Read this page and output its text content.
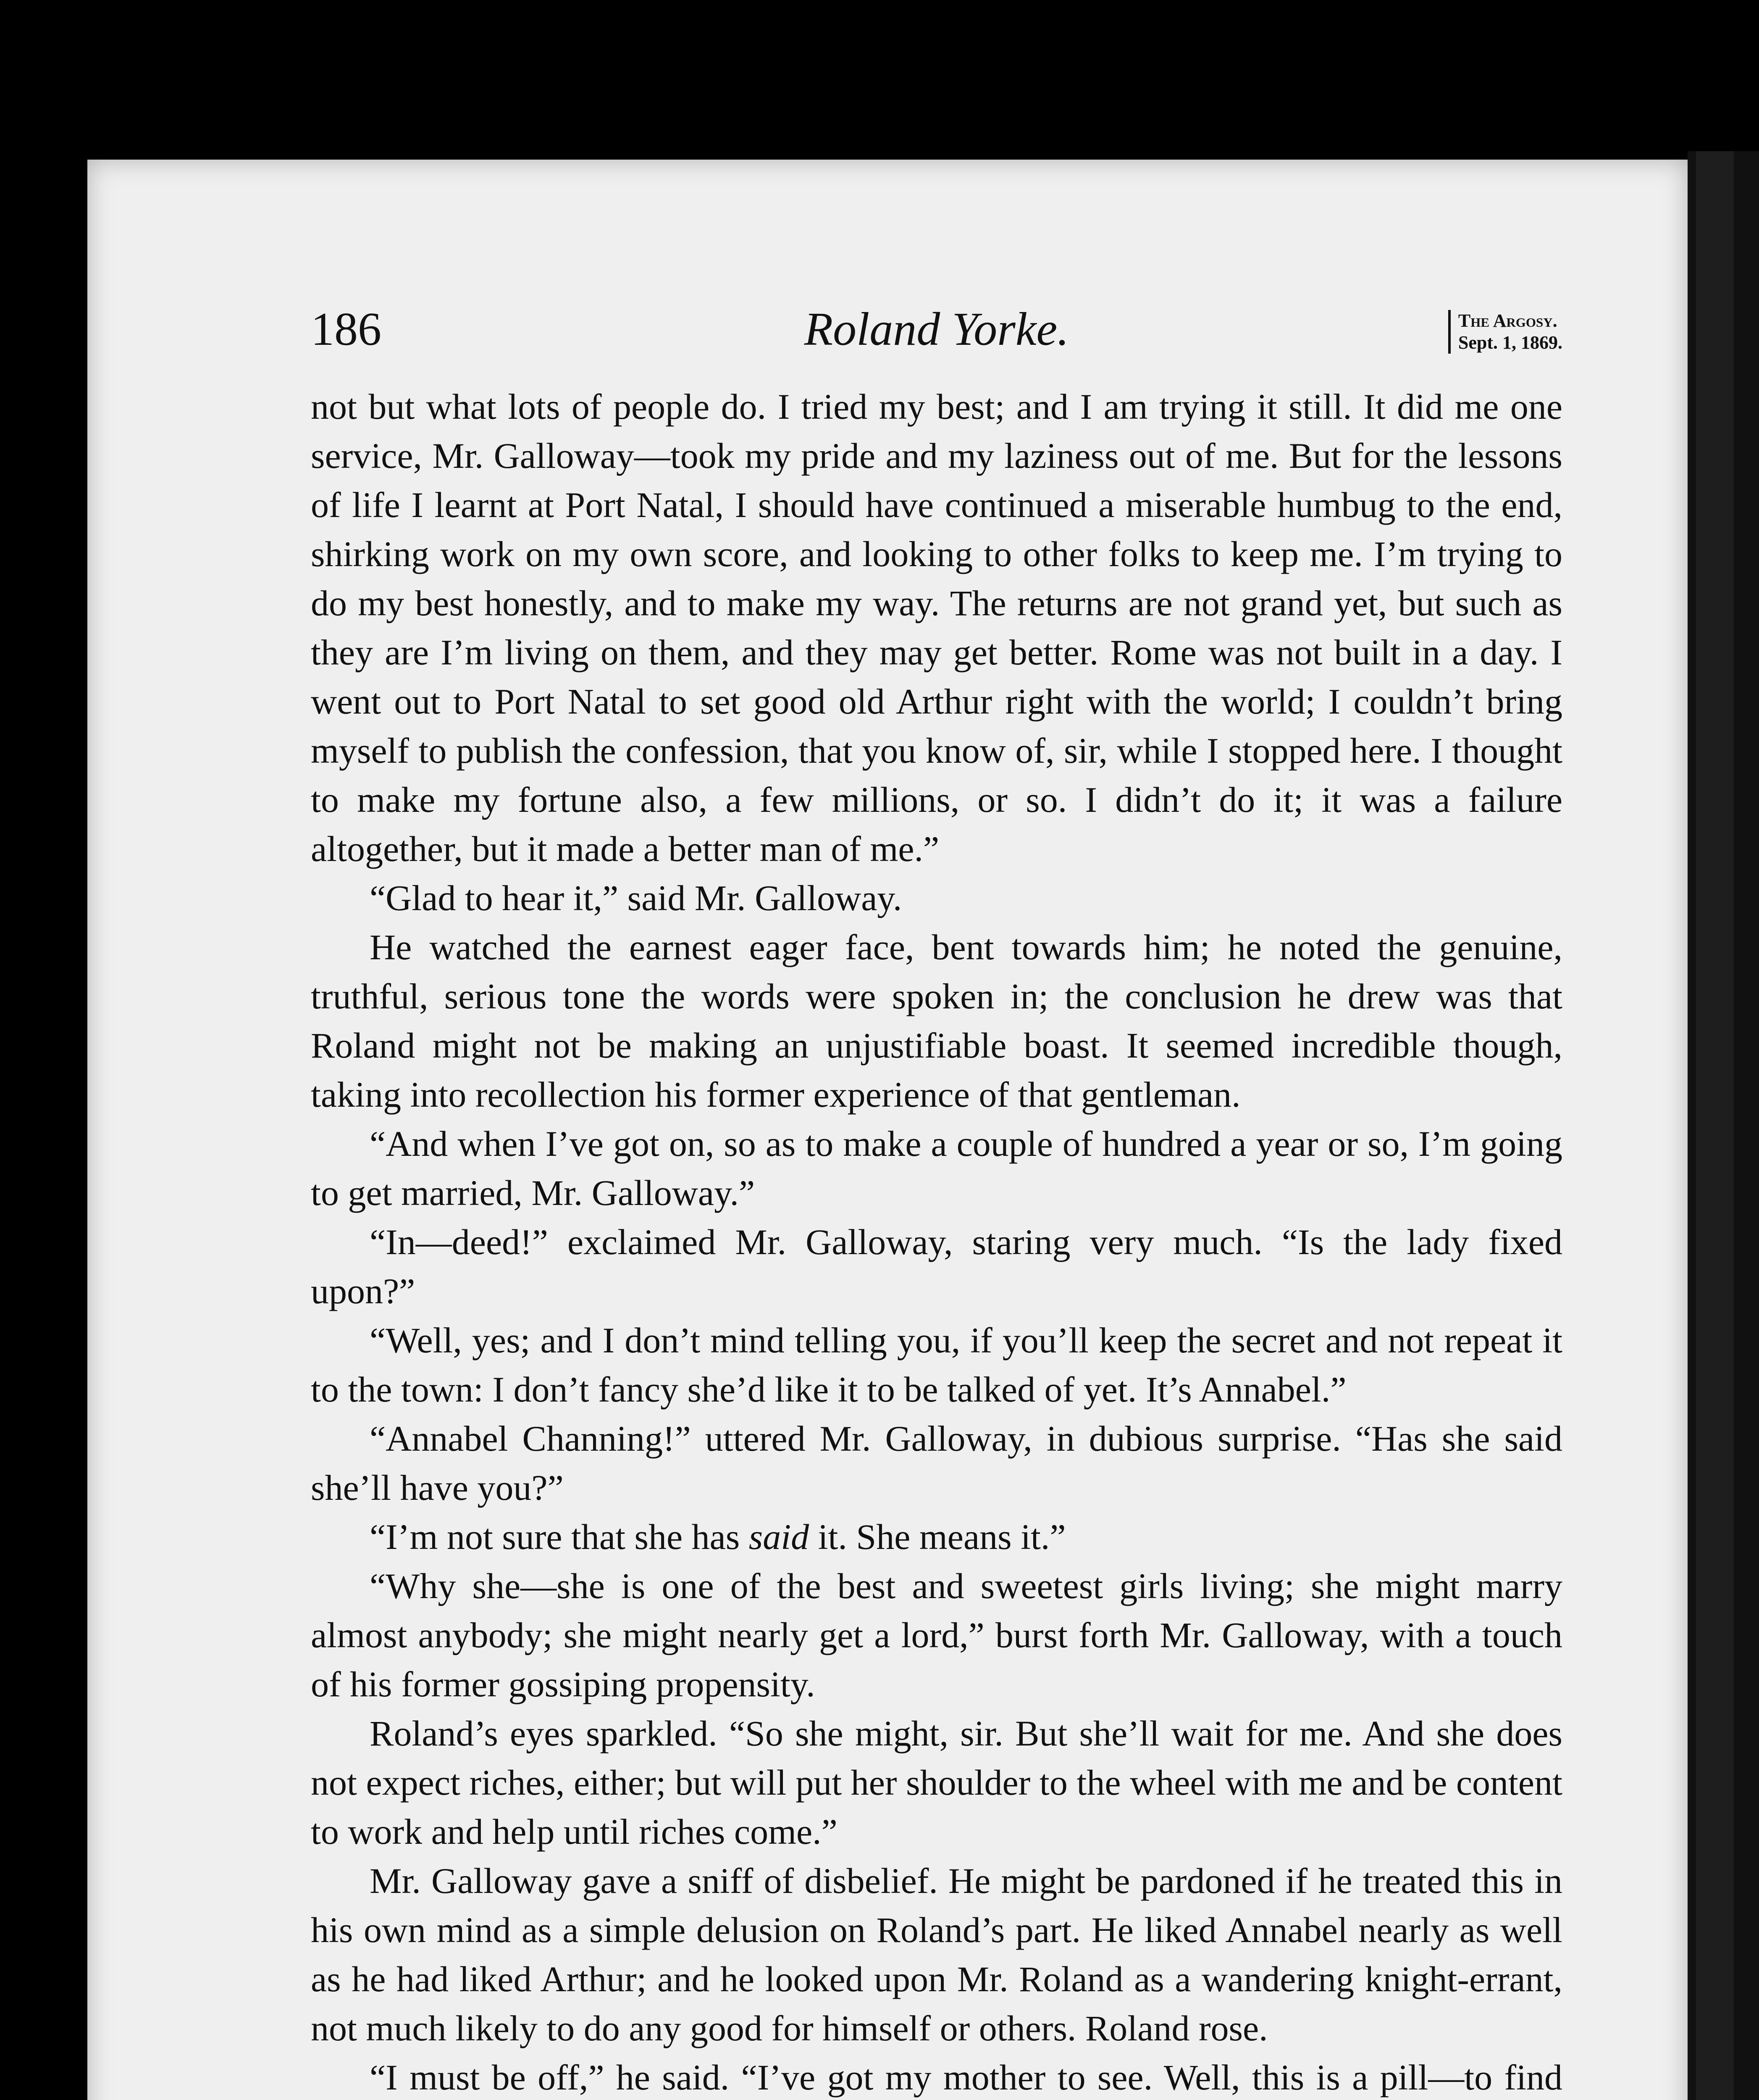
186	Roland Yorke.	The Argosy.
Sept. 1, 1869.

not but what lots of people do. I tried my best; and I am trying it still. It did me one service, Mr. Galloway—took my pride and my laziness out of me. But for the lessons of life I learnt at Port Natal, I should have continued a miserable humbug to the end, shirking work on my own score, and looking to other folks to keep me. I’m trying to do my best honestly, and to make my way. The returns are not grand yet, but such as they are I’m living on them, and they may get better. Rome was not built in a day. I went out to Port Natal to set good old Arthur right with the world; I couldn’t bring myself to publish the confession, that you know of, sir, while I stopped here. I thought to make my fortune also, a few millions, or so. I didn’t do it; it was a failure altogether, but it made a better man of me.”

“Glad to hear it,” said Mr. Galloway.

He watched the earnest eager face, bent towards him; he noted the genuine, truthful, serious tone the words were spoken in; the conclusion he drew was that Roland might not be making an unjustifiable boast. It seemed incredible though, taking into recollection his former experience of that gentleman.

“And when I’ve got on, so as to make a couple of hundred a year or so, I’m going to get married, Mr. Galloway.”

“In—deed!” exclaimed Mr. Galloway, staring very much. “Is the lady fixed upon?”

“Well, yes; and I don’t mind telling you, if you’ll keep the secret and not repeat it to the town: I don’t fancy she’d like it to be talked of yet. It’s Annabel.”

“Annabel Channing!” uttered Mr. Galloway, in dubious surprise. “Has she said she’ll have you?”

“I’m not sure that she has said it. She means it.”

“Why she—she is one of the best and sweetest girls living; she might marry almost anybody; she might nearly get a lord,” burst forth Mr. Galloway, with a touch of his former gossiping propensity.

Roland’s eyes sparkled. “So she might, sir. But she’ll wait for me. And she does not expect riches, either; but will put her shoulder to the wheel with me and be content to work and help until riches come.”

Mr. Galloway gave a sniff of disbelief. He might be pardoned if he treated this in his own mind as a simple delusion on Roland’s part. He liked Annabel nearly as well as he had liked Arthur; and he looked upon Mr. Roland as a wandering knight-errant, not much likely to do any good for himself or others. Roland rose.

“I must be off,” he said. “I’ve got my mother to see. Well, this is a pill—to find
